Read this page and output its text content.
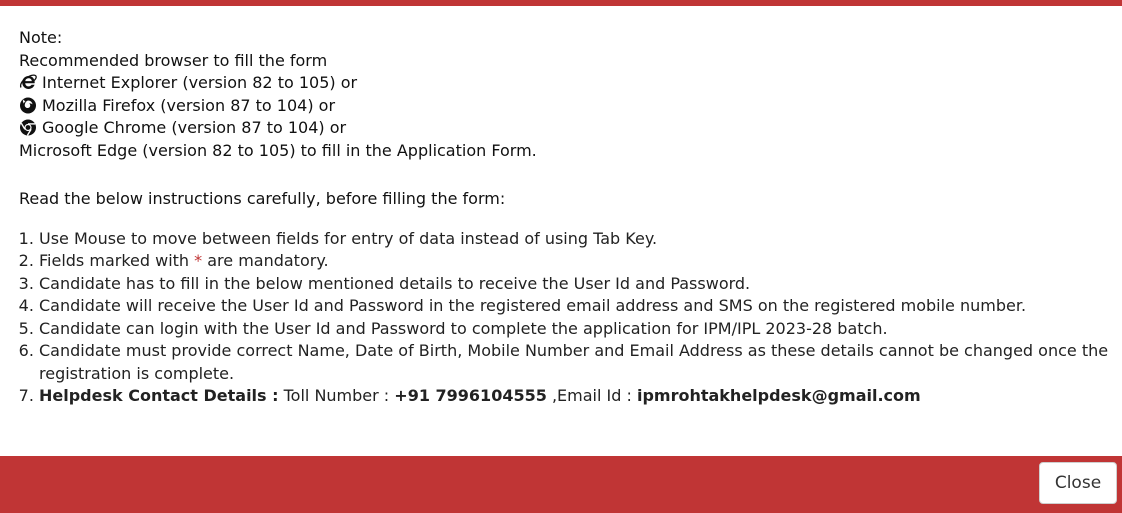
Note:
Recommended browser to fill the form
Internet Explorer (version 82 to 105) or
Mozilla Firefox (version 87 to 104) or
Google Chrome (version 87 to 104) or
Microsoft Edge (version 82 to 105) to fill in the Application Form.
Read the below instructions carefully, before filling the form:
1. Use Mouse to move between fields for entry of data instead of using Tab Key.
2. Fields marked with * are mandatory.
3. Candidate has to fill in the below mentioned details to receive the User Id and Password.
4. Candidate will receive the User Id and Password in the registered email address and SMS on the registered mobile number.
5. Candidate can login with the User Id and Password to complete the application for IPM/IPL 2023-28 batch.
6. Candidate must provide correct Name, Date of Birth, Mobile Number and Email Address as these details cannot be changed once the registration is complete.
7. Helpdesk Contact Details : Toll Number : +91 7996104555 ,Email Id : ipmrohtakhelpdesk@gmail.com
Close
